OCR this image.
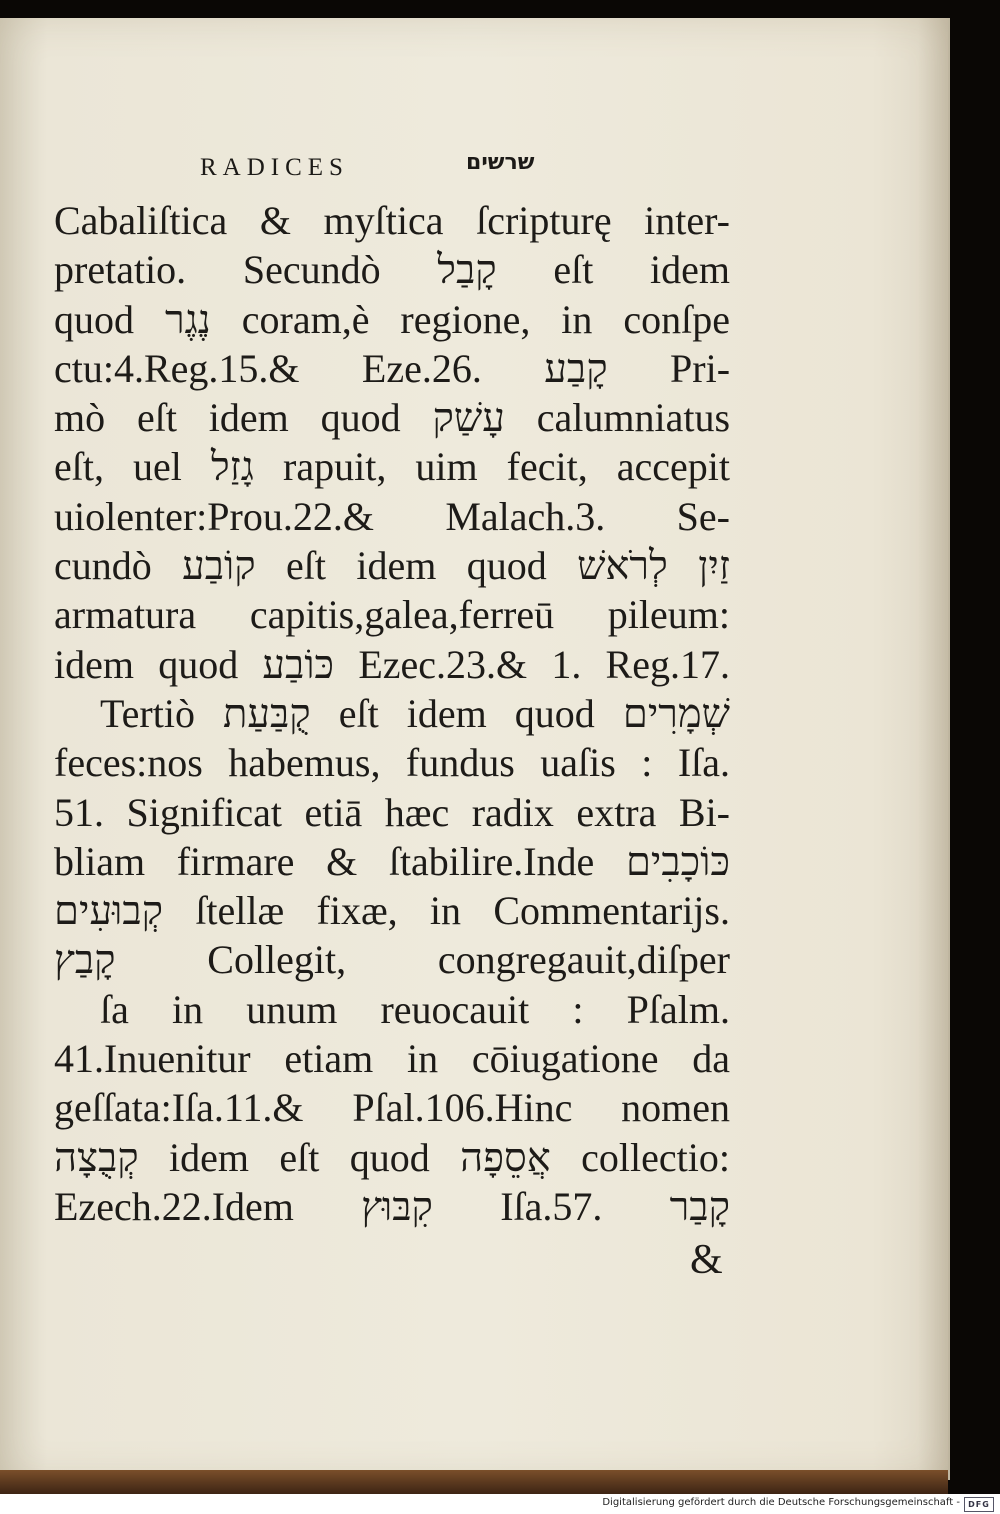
RADICES	שרשים
Cabaliſtica & myſtica ſcripturę inter-
pretatio. Secundò קָבַל eſt idem
quod נֶגֶר coram,è regione, in conſpe
ctu:4.Reg.15.& Eze.26. קָבַע Pri-
mò eſt idem quod עָשַׁק calumniatus
eſt, uel גָזַל rapuit, uim fecit, accepit
uiolenter:Prou.22.& Malach.3. Se-
cundò קוֹבַע eſt idem quod זַיִן לְרֹאשׁ
armatura capitis,galea,ferreū pileum:
idem quod כּוֹבַע Ezec.23.& 1. Reg.17.
Tertiò קֻבַּעַת eſt idem quod שְׁמָרִים
feces:nos habemus, fundus uaſis : Iſa.
51. Significat etiā hæc radix extra Bi-
bliam firmare & ſtabilire.Inde כּוֹכָבִים
קְבוּעִים ſtellæ fixæ, in Commentarijs.
קָבַץ Collegit, congregauit,diſper
ſa in unum reuocauit : Pſalm.
41.Inuenitur etiam in cōiugatione da
geſſata:Iſa.11.& Pſal.106.Hinc nomen
קְבֻצָה idem eſt quod אֲסֵפָה collectio:
Ezech.22.Idem קִבּוּץ Iſa.57. קָבַר
&
Digitalisierung gefördert durch die Deutsche Forschungsgemeinschaft -	DFG
